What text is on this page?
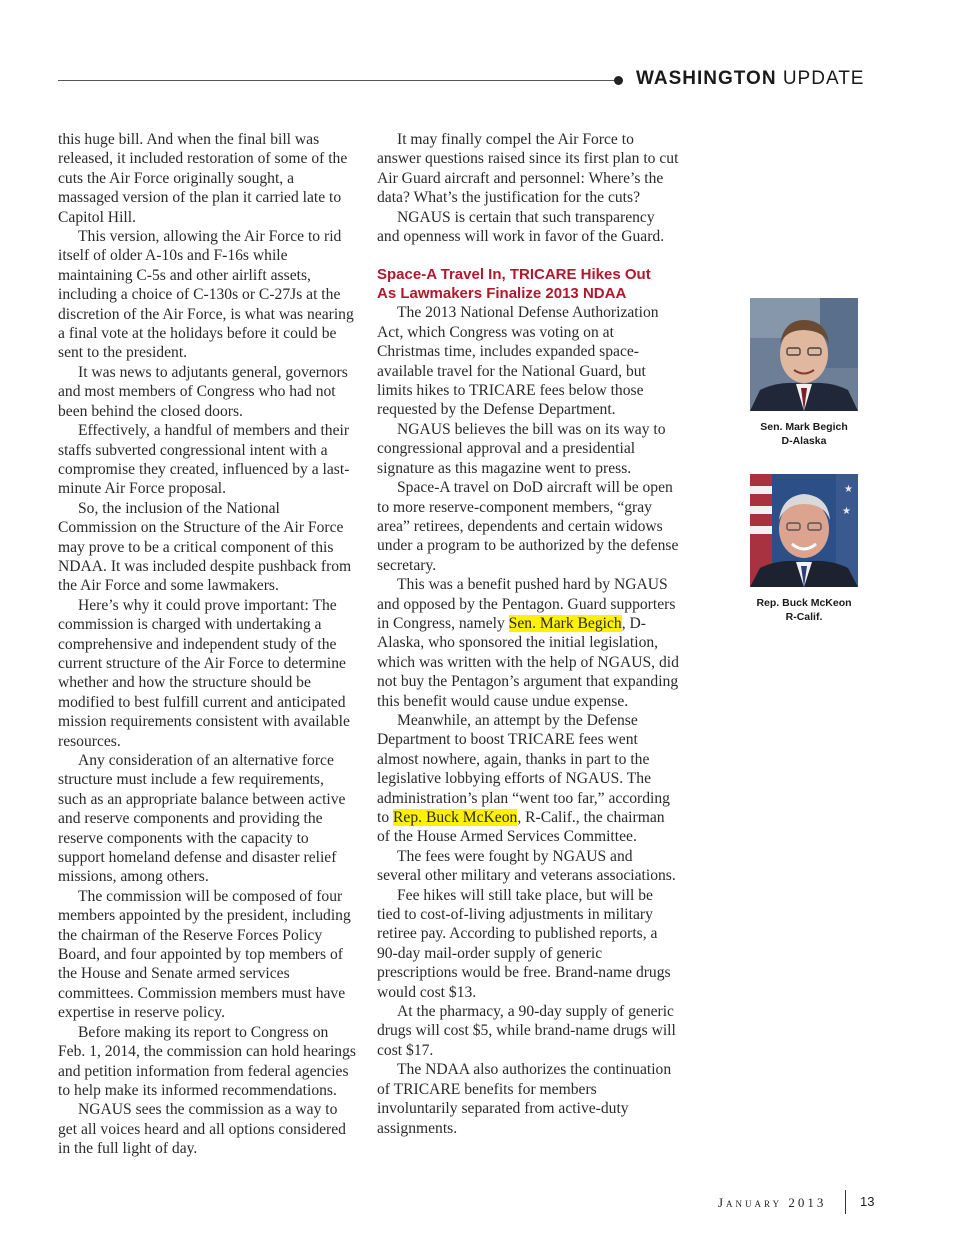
WASHINGTON UPDATE

this huge bill. And when the final bill was released, it included restoration of some of the cuts the Air Force originally sought, a massaged version of the plan it carried late to Capitol Hill.

This version, allowing the Air Force to rid itself of older A-10s and F-16s while maintaining C-5s and other airlift assets, including a choice of C-130s or C-27Js at the discretion of the Air Force, is what was nearing a final vote at the holidays before it could be sent to the president.

It was news to adjutants general, governors and most members of Congress who had not been behind the closed doors.

Effectively, a handful of members and their staffs subverted congressional intent with a compromise they created, influenced by a last-minute Air Force proposal.

So, the inclusion of the National Commission on the Structure of the Air Force may prove to be a critical component of this NDAA. It was included despite pushback from the Air Force and some lawmakers.

Here’s why it could prove important: The commission is charged with undertaking a comprehensive and independent study of the current structure of the Air Force to determine whether and how the structure should be modified to best fulfill current and anticipated mission requirements consistent with available resources.

Any consideration of an alternative force structure must include a few requirements, such as an appropriate balance between active and reserve components and providing the reserve components with the capacity to support homeland defense and disaster relief missions, among others.

The commission will be composed of four members appointed by the president, including the chairman of the Reserve Forces Policy Board, and four appointed by top members of the House and Senate armed services committees. Commission members must have expertise in reserve policy.

Before making its report to Congress on Feb. 1, 2014, the commission can hold hearings and petition information from federal agencies to help make its informed recommendations.

NGAUS sees the commission as a way to get all voices heard and all options considered in the full light of day.

It may finally compel the Air Force to answer questions raised since its first plan to cut Air Guard aircraft and personnel: Where’s the data? What’s the justification for the cuts?

NGAUS is certain that such transparency and openness will work in favor of the Guard.

Space-A Travel In, TRICARE Hikes Out
As Lawmakers Finalize 2013 NDAA

The 2013 National Defense Authorization Act, which Congress was voting on at Christmas time, includes expanded space-available travel for the National Guard, but limits hikes to TRICARE fees below those requested by the Defense Department.

NGAUS believes the bill was on its way to congressional approval and a presidential signature as this magazine went to press.

Space-A travel on DoD aircraft will be open to more reserve-component members, “gray area” retirees, dependents and certain widows under a program to be authorized by the defense secretary.

This was a benefit pushed hard by NGAUS and opposed by the Pentagon. Guard supporters in Congress, namely Sen. Mark Begich, D-Alaska, who sponsored the initial legislation, which was written with the help of NGAUS, did not buy the Pentagon’s argument that expanding this benefit would cause undue expense.

Meanwhile, an attempt by the Defense Department to boost TRICARE fees went almost nowhere, again, thanks in part to the legislative lobbying efforts of NGAUS. The administration’s plan “went too far,” according to Rep. Buck McKeon, R-Calif., the chairman of the House Armed Services Committee.

The fees were fought by NGAUS and several other military and veterans associations.

Fee hikes will still take place, but will be tied to cost-of-living adjustments in military retiree pay. According to published reports, a 90-day mail-order supply of generic prescriptions would be free. Brand-name drugs would cost $13.

At the pharmacy, a 90-day supply of generic drugs will cost $5, while brand-name drugs will cost $17.

The NDAA also authorizes the continuation of TRICARE benefits for members involuntarily separated from active-duty assignments.

Sen. Mark Begich
D-Alaska
★
★
Rep. Buck McKeon
R-Calif.
January 2013	13
